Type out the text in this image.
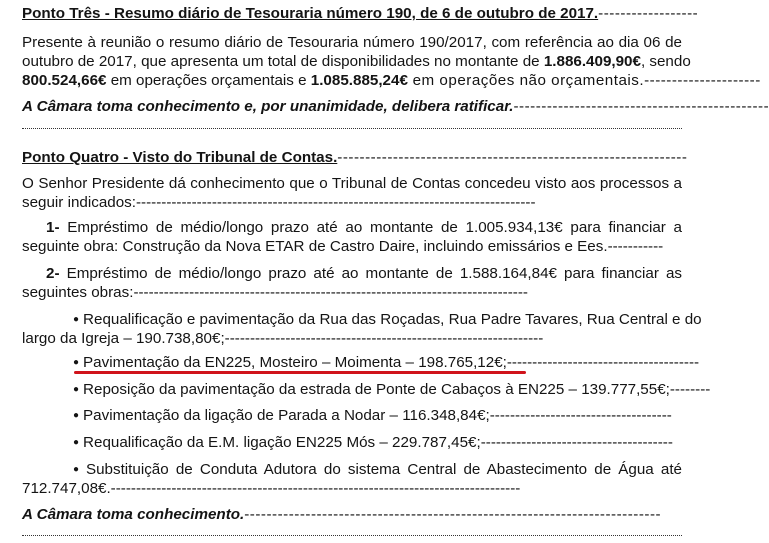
Ponto Três - Resumo diário de Tesouraria número 190, de 6 de outubro de 2017.------------------
Presente à reunião o resumo diário de Tesouraria número 190/2017, com referência ao dia 06 de
outubro de 2017, que apresenta um total de disponibilidades no montante de 1.886.409,90€, sendo
800.524,66€ em operações orçamentais e 1.085.885,24€ em operações não orçamentais.---------------------
A Câmara toma conhecimento e, por unanimidade, delibera ratificar.----------------------------------------------
Ponto Quatro - Visto do Tribunal de Contas.---------------------------------------------------------------
O Senhor Presidente dá conhecimento que o Tribunal de Contas concedeu visto aos processos a
seguir indicados:-------------------------------------------------------------------------------
1- Empréstimo de médio/longo prazo até ao montante de 1.005.934,13€ para financiar a
seguinte obra: Construção da Nova ETAR de Castro Daire, incluindo emissários e Ees.-----------
2- Empréstimo de médio/longo prazo até ao montante de 1.588.164,84€ para financiar as
seguintes obras:------------------------------------------------------------------------------
● Requalificação e pavimentação da Rua das Roçadas, Rua Padre Tavares, Rua Central e do
largo da Igreja – 190.738,80€;---------------------------------------------------------------
● Pavimentação da EN225, Mosteiro – Moimenta – 198.765,12€;--------------------------------------
● Reposição da pavimentação da estrada de Ponte de Cabaços à EN225 – 139.777,55€;--------
● Pavimentação da ligação de Parada a Nodar – 116.348,84€;------------------------------------
● Requalificação da E.M. ligação EN225 Mós – 229.787,45€;--------------------------------------
● Substituição de Conduta Adutora do sistema Central de Abastecimento de Água até
712.747,08€.---------------------------------------------------------------------------------
A Câmara toma conhecimento.---------------------------------------------------------------------------
